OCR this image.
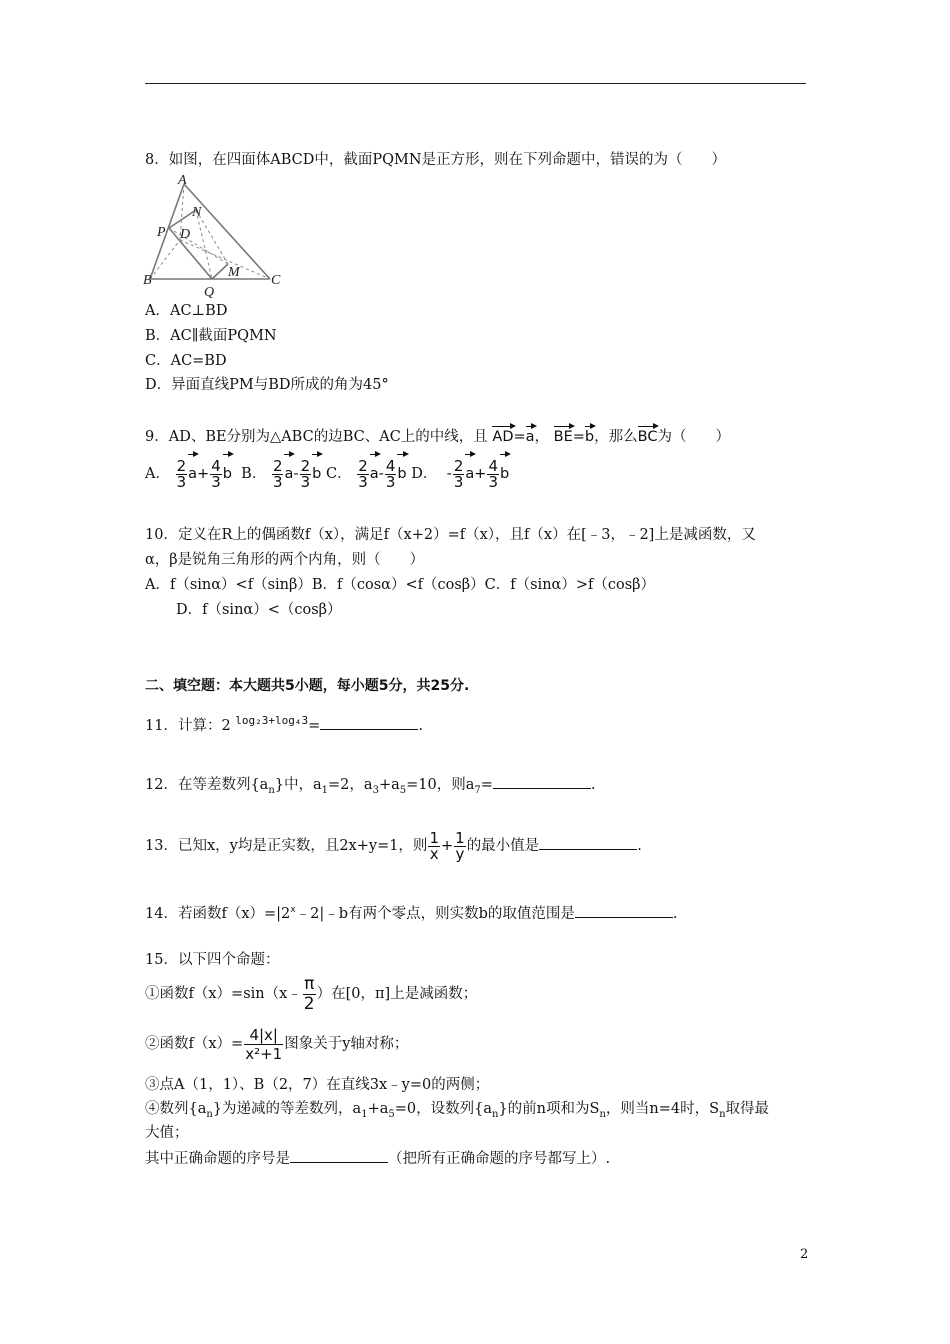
8．如图，在四面体ABCD中，截面PQMN是正方形，则在下列命题中，错误的为（　　）
A
N
P D
B
Q
M
C
A．AC⊥BD
B．AC∥截面PQMN
C．AC=BD
D．异面直线PM与BD所成的角为45°
9．AD、BE分别为△ABC的边BC、AC上的中线，且 AD=a， BE=b，那么BC为（　　）
A． $\frac{2}{3} a+ \frac{4}{3}$ b B． $\frac{2}{3} a- \frac{2}{3}$ b C． $\frac{2}{3} a- \frac{4}{3}$ b D． - $\frac{2}{3} a+ \frac{4}{3}$ b
10．定义在R上的偶函数f（x），满足f（x+2）=f（x），且f（x）在[﹣3，﹣2]上是减函数，又
α，β是锐角三角形的两个内角，则（　　）
A．f（sinα）<f（sinβ）B．f（cosα）<f（cosβ）C．f（sinα）>f（cosβ）
D．f（sinα）<（cosβ）
二、填空题：本大题共5小题，每小题5分，共25分.
11．计算：2 $^{log_23+log_43}$=	.
12．在等差数列$\{a_n\}$中，$a_1=2$，$a_3+a_5=10$，则$a_7=$	.
13．已知x，y均是正实数，且2x+y=1，则 $\frac{1}{x} + \frac{1}{y}$ 的最小值是	.
14．若函数$f(x)=|2^x﹣2|﹣b$有两个零点，则实数b的取值范围是	.
15．以下四个命题：
①函数f（x）=sin（x﹣ $\frac{\pi}{2}$ ）在[0，π]上是减函数；
②函数$f(x)= \frac{4|x|}{\text{x²+1}}$ 图象关于y轴对称；
③点A（1，1）、B（2，7）在直线3x﹣y=0的两侧；
④数列$\{a_n\}$为递减的等差数列，$a_1+a_5=0$，设数列$\{a_n\}$的前n项和为$S_n$，则当n=4时，$S_n$取得最
大值；
其中正确命题的序号是	（把所有正确命题的序号都写上）.
2
